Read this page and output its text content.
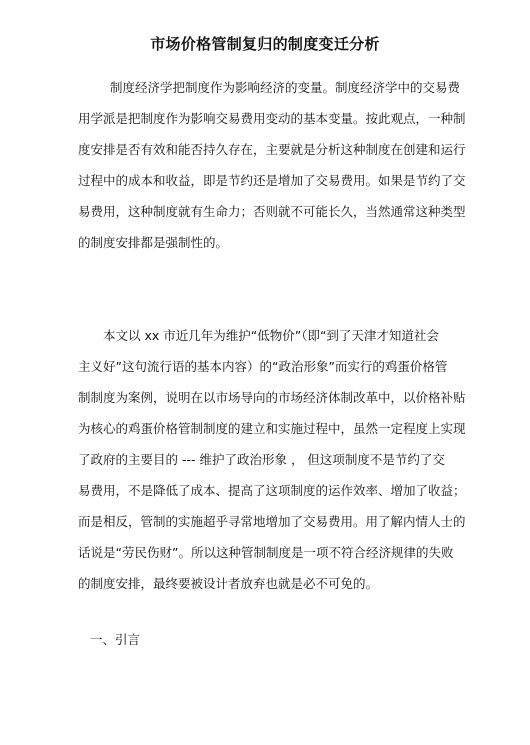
市场价格管制复归的制度变迁分析
制度经济学把制度作为影响经济的变量。制度经济学中的交易费
用学派是把制度作为影响交易费用变动的基本变量。按此观点，一种制
度安排是否有效和能否持久存在，主要就是分析这种制度在创建和运行
过程中的成本和收益，即是节约还是增加了交易费用。如果是节约了交
易费用，这种制度就有生命力；否则就不可能长久，当然通常这种类型
的制度安排都是强制性的。
本文以 xx 市近几年为维护“低物价”（即“到了天津才知道社会
主义好”这句流行语的基本内容）的“政治形象”而实行的鸡蛋价格管
制制度为案例，说明在以市场导向的市场经济体制改革中，以价格补贴
为核心的鸡蛋价格管制制度的建立和实施过程中，虽然一定程度上实现
了政府的主要目的 --- 维护了政治形象 ， 但这项制度不是节约了交
易费用，不是降低了成本、提高了这项制度的运作效率、增加了收益；
而是相反，管制的实施超乎寻常地增加了交易费用。用了解内情人士的
话说是“劳民伤财”。所以这种管制制度是一项不符合经济规律的失败
的制度安排，最终要被设计者放弃也就是必不可免的。
一、引言
